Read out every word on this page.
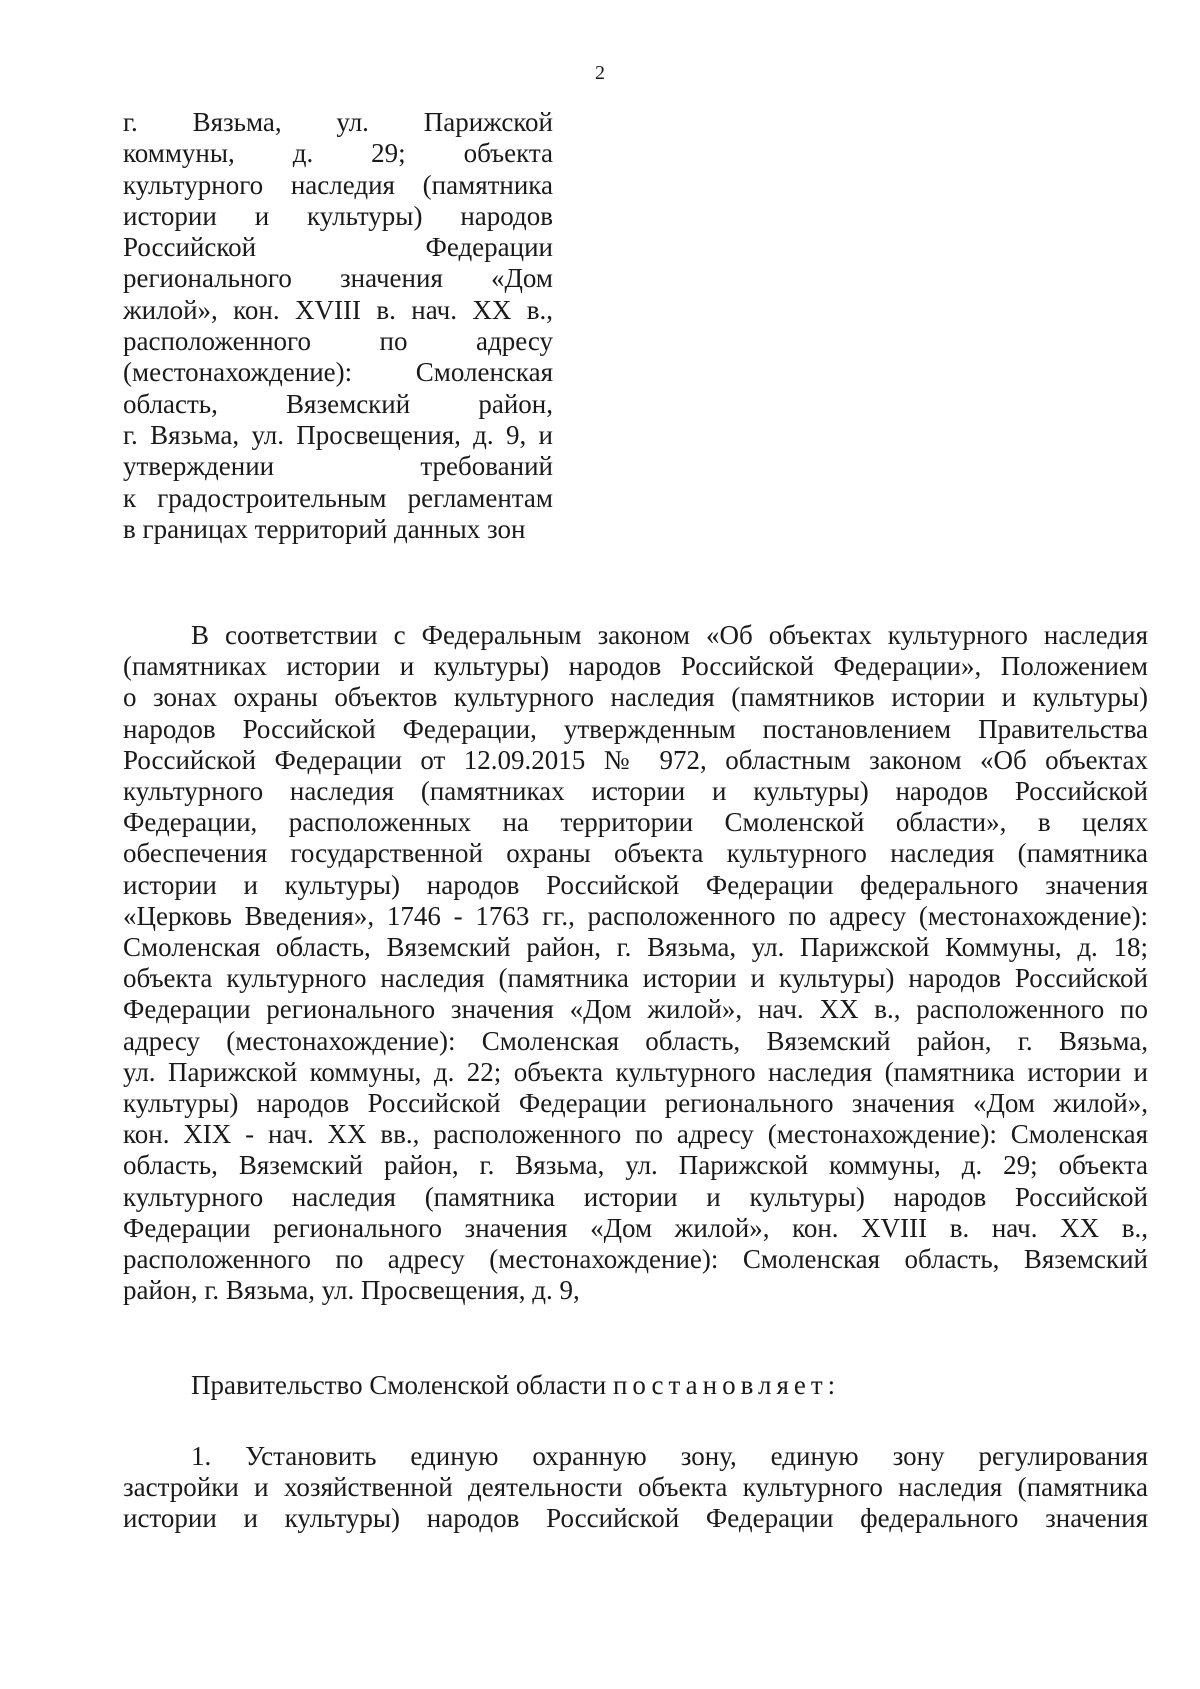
2
г. Вязьма, ул. Парижской
коммуны, д. 29; объекта
культурного наследия (памятника
истории и культуры) народов
Российской Федерации
регионального значения «Дом
жилой», кон. XVIII в. нач. XX в.,
расположенного по адресу
(местонахождение): Смоленская
область, Вяземский район,
г. Вязьма, ул. Просвещения, д. 9, и
утверждении требований
к градостроительным регламентам
в границах территорий данных зон
В соответствии с Федеральным законом «Об объектах культурного наследия
(памятниках истории и культуры) народов Российской Федерации», Положением
о зонах охраны объектов культурного наследия (памятников истории и культуры)
народов Российской Федерации, утвержденным постановлением Правительства
Российской Федерации от 12.09.2015 № 972, областным законом «Об объектах
культурного наследия (памятниках истории и культуры) народов Российской
Федерации, расположенных на территории Смоленской области», в целях
обеспечения государственной охраны объекта культурного наследия (памятника
истории и культуры) народов Российской Федерации федерального значения
«Церковь Введения», 1746 - 1763 гг., расположенного по адресу (местонахождение):
Смоленская область, Вяземский район, г. Вязьма, ул. Парижской Коммуны, д. 18;
объекта культурного наследия (памятника истории и культуры) народов Российской
Федерации регионального значения «Дом жилой», нач. XX в., расположенного по
адресу (местонахождение): Смоленская область, Вяземский район, г. Вязьма,
ул. Парижской коммуны, д. 22; объекта культурного наследия (памятника истории и
культуры) народов Российской Федерации регионального значения «Дом жилой»,
кон. XIX - нач. XX вв., расположенного по адресу (местонахождение): Смоленская
область, Вяземский район, г. Вязьма, ул. Парижской коммуны, д. 29; объекта
культурного наследия (памятника истории и культуры) народов Российской
Федерации регионального значения «Дом жилой», кон. XVIII в. нач. XX в.,
расположенного по адресу (местонахождение): Смоленская область, Вяземский
район, г. Вязьма, ул. Просвещения, д. 9,
Правительство Смоленской области постановляет:
1. Установить единую охранную зону, единую зону регулирования
застройки и хозяйственной деятельности объекта культурного наследия (памятника
истории и культуры) народов Российской Федерации федерального значения
